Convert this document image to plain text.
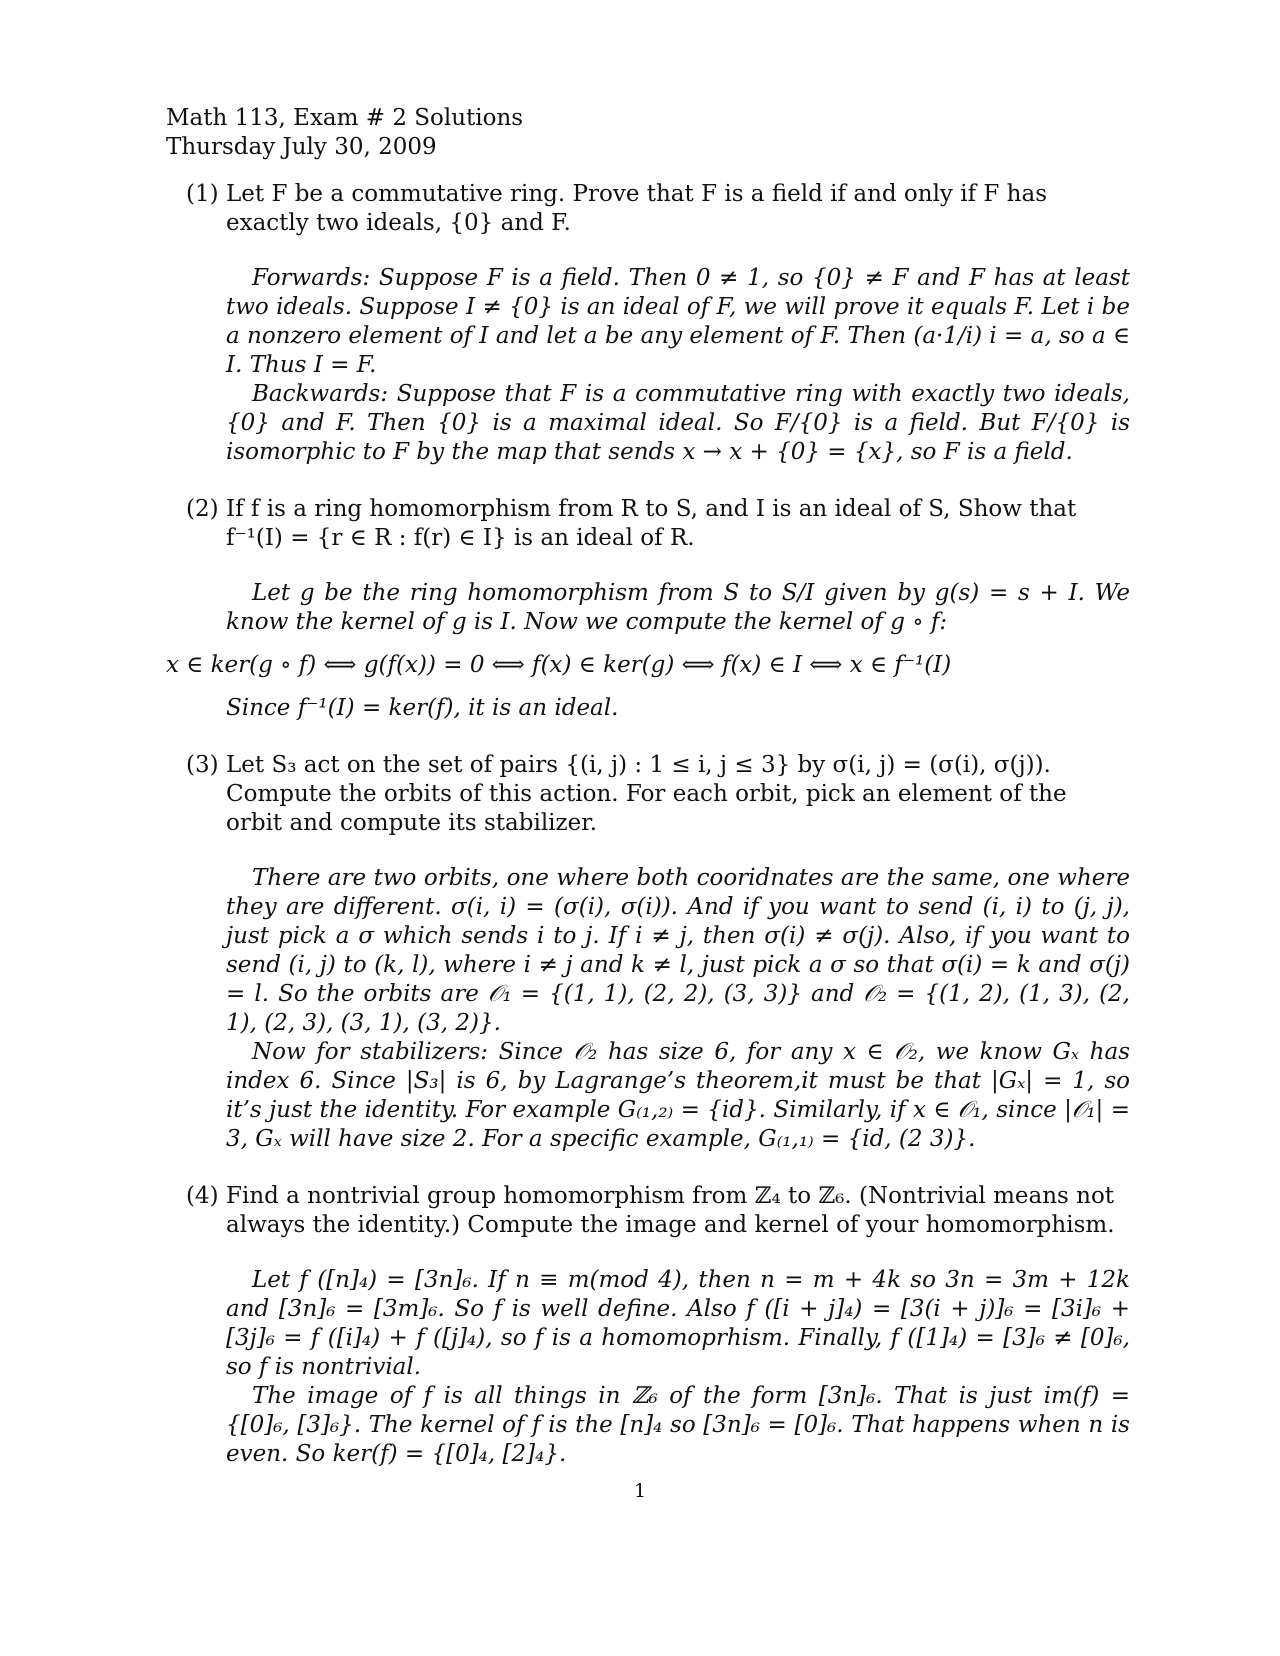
Math 113, Exam # 2 Solutions
Thursday July 30, 2009
(1) Let F be a commutative ring. Prove that F is a field if and only if F has exactly two ideals, {0} and F.

Forwards: Suppose F is a field. Then 0 ≠ 1, so {0} ≠ F and F has at least two ideals. Suppose I ≠ {0} is an ideal of F, we will prove it equals F. Let i be a nonzero element of I and let a be any element of F. Then (a·1/i) i = a, so a ∈ I. Thus I = F.

Backwards: Suppose that F is a commutative ring with exactly two ideals, {0} and F. Then {0} is a maximal ideal. So F/{0} is a field. But F/{0} is isomorphic to F by the map that sends x → x + {0} = {x}, so F is a field.

(2) If f is a ring homomorphism from R to S, and I is an ideal of S, Show that f⁻¹(I) = {r ∈ R : f(r) ∈ I} is an ideal of R.

Let g be the ring homomorphism from S to S/I given by g(s) = s + I. We know the kernel of g is I. Now we compute the kernel of g ∘ f:

x ∈ ker(g ∘ f) ⟺ g(f(x)) = 0 ⟺ f(x) ∈ ker(g) ⟺ f(x) ∈ I ⟺ x ∈ f⁻¹(I)
Since f⁻¹(I) = ker(f), it is an ideal.
(3) Let S₃ act on the set of pairs {(i, j) : 1 ≤ i, j ≤ 3} by σ(i, j) = (σ(i), σ(j)). Compute the orbits of this action. For each orbit, pick an element of the orbit and compute its stabilizer.

There are two orbits, one where both cooridnates are the same, one where they are different. σ(i, i) = (σ(i), σ(i)). And if you want to send (i, i) to (j, j), just pick a σ which sends i to j. If i ≠ j, then σ(i) ≠ σ(j). Also, if you want to send (i, j) to (k, l), where i ≠ j and k ≠ l, just pick a σ so that σ(i) = k and σ(j) = l. So the orbits are 𝒪₁ = {(1, 1), (2, 2), (3, 3)} and 𝒪₂ = {(1, 2), (1, 3), (2, 1), (2, 3), (3, 1), (3, 2)}.

Now for stabilizers: Since 𝒪₂ has size 6, for any x ∈ 𝒪₂, we know Gₓ has index 6. Since |S₃| is 6, by Lagrange’s theorem,it must be that |Gₓ| = 1, so it’s just the identity. For example G₍₁,₂₎ = {id}. Similarly, if x ∈ 𝒪₁, since |𝒪₁| = 3, Gₓ will have size 2. For a specific example, G₍₁,₁₎ = {id, (2 3)}.

(4) Find a nontrivial group homomorphism from ℤ₄ to ℤ₆. (Nontrivial means not always the identity.) Compute the image and kernel of your homomorphism.

Let f ([n]₄) = [3n]₆. If n ≡ m(mod 4), then n = m + 4k so 3n = 3m + 12k and [3n]₆ = [3m]₆. So f is well define. Also f ([i + j]₄) = [3(i + j)]₆ = [3i]₆ + [3j]₆ = f ([i]₄) + f ([j]₄), so f is a homomoprhism. Finally, f ([1]₄) = [3]₆ ≠ [0]₆, so f is nontrivial.

The image of f is all things in ℤ₆ of the form [3n]₆. That is just im(f) = {[0]₆, [3]₆}. The kernel of f is the [n]₄ so [3n]₆ = [0]₆. That happens when n is even. So ker(f) = {[0]₄, [2]₄}.

1
